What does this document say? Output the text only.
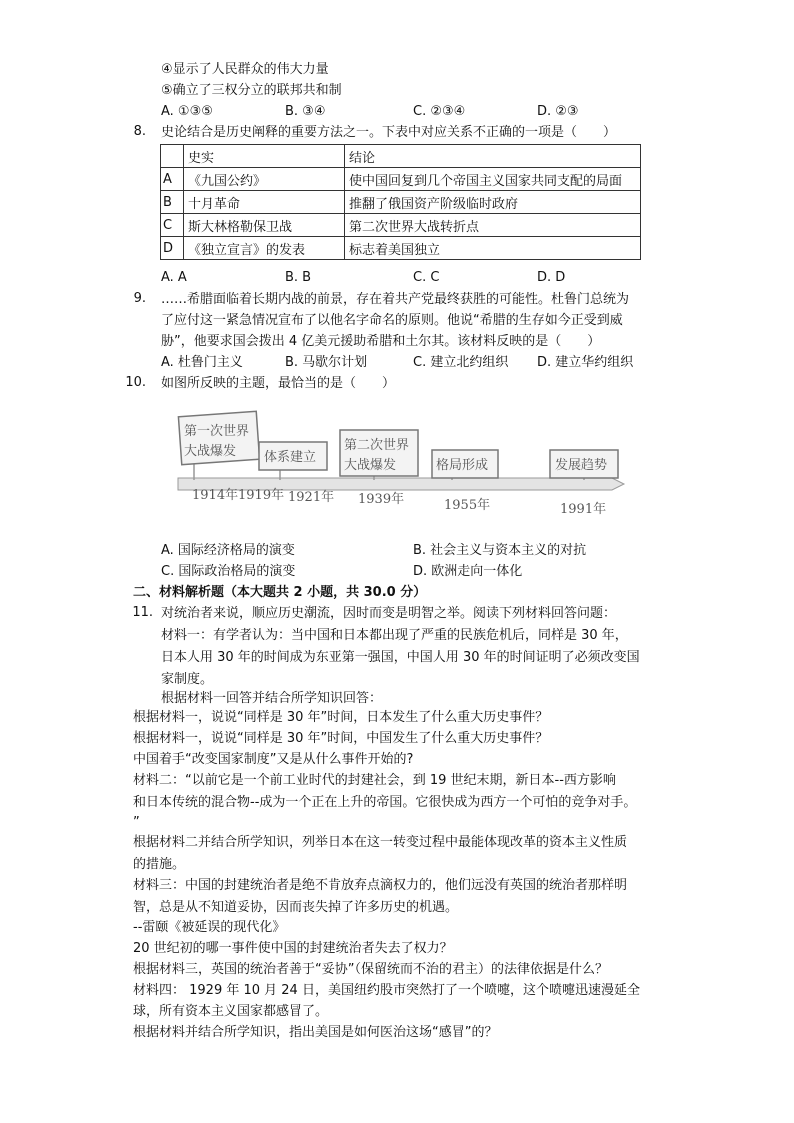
④显示了人民群众的伟大力量
⑤确立了三权分立的联邦共和制
A. ①③⑤	B. ③④	C. ②③④	D. ②③
8. 史论结合是历史阐释的重要方法之一。下表中对应关系不正确的一项是（　　）
	史实	结论
A	《九国公约》	使中国回复到几个帝国主义国家共同支配的局面
B	十月革命	推翻了俄国资产阶级临时政府
C	斯大林格勒保卫战	第二次世界大战转折点
D	《独立宣言》的发表	标志着美国独立
A. A	B. B	C. C	D. D
9. ……希腊面临着长期内战的前景，存在着共产党最终获胜的可能性。杜鲁门总统为
了应付这一紧急情况宣布了以他名字命名的原则。他说“希腊的生存如今正受到威
胁”，他要求国会拨出 4 亿美元援助希腊和土尔其。该材料反映的是（　　）
A. 杜鲁门主义	B. 马歇尔计划	C. 建立北约组织 D. 建立华约组织
10. 如图所反映的主题，最恰当的是（　　）
第一次世界
大战爆发 体系建立
第二次世界
大战爆发	格局形成	发展趋势
1914年 1919年 1921年 1939年	1955年	1991年
A. 国际经济格局的演变	B. 社会主义与资本主义的对抗
C. 国际政治格局的演变	D. 欧洲走向一体化
二、材料解析题（本大题共 2 小题，共 30.0 分）
11. 对统治者来说，顺应历史潮流，因时而变是明智之举。阅读下列材料回答问题：
材料一：有学者认为：当中国和日本都出现了严重的民族危机后，同样是 30 年，
日本人用 30 年的时间成为东亚第一强国，中国人用 30 年的时间证明了必须改变国
家制度。
根据材料一回答并结合所学知识回答：
根据材料一，说说“同样是 30 年”时间，日本发生了什么重大历史事件？
根据材料一，说说“同样是 30 年”时间，中国发生了什么重大历史事件？
中国着手“改变国家制度”又是从什么事件开始的?
材料二：“以前它是一个前工业时代的封建社会，到 19 世纪末期，新日本--西方影响
和日本传统的混合物--成为一个正在上升的帝国。它很快成为西方一个可怕的竞争对手。
”
根据材料二并结合所学知识，列举日本在这一转变过程中最能体现改革的资本主义性质
的措施。
材料三：中国的封建统治者是绝不肯放弃点滴权力的，他们远没有英国的统治者那样明
智，总是从不知道妥协，因而丧失掉了许多历史的机遇。
--雷颐《被延误的现代化》
20 世纪初的哪一事件使中国的封建统治者失去了权力？
根据材料三，英国的统治者善于“妥协”（保留统而不治的君主）的法律依据是什么？
材料四： 1929 年 10 月 24 日，美国纽约股市突然打了一个喷嚏，这个喷嚏迅速漫延全
球，所有资本主义国家都感冒了。
根据材料并结合所学知识，指出美国是如何医治这场“感冒”的？
